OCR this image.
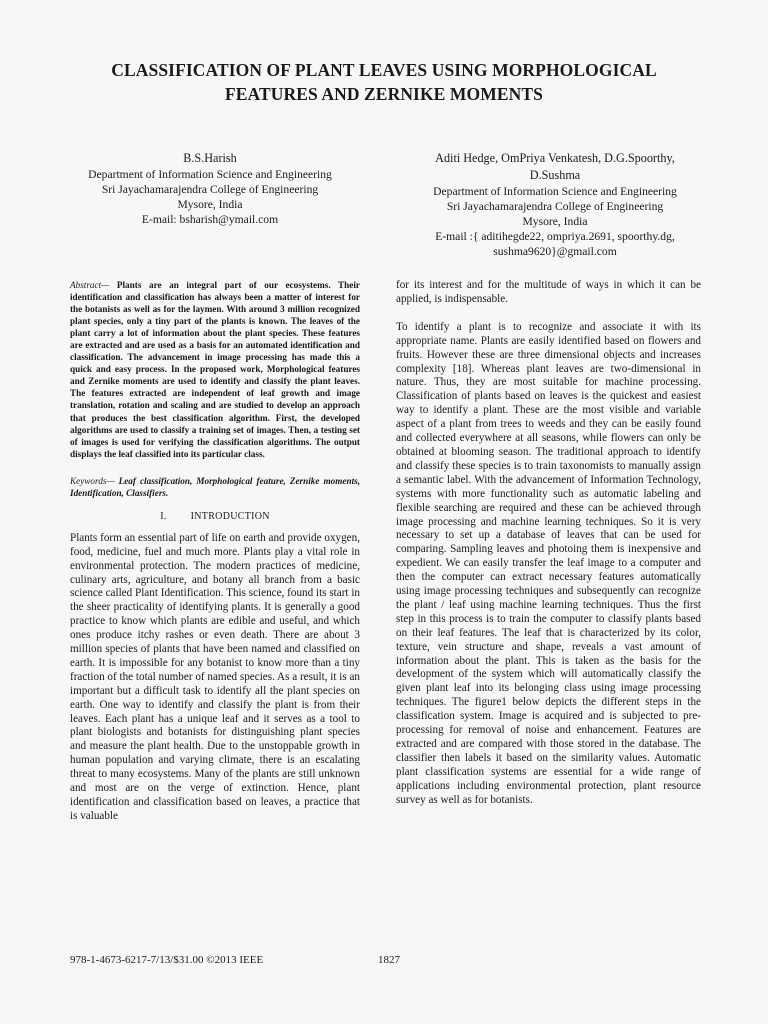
CLASSIFICATION OF PLANT LEAVES USING MORPHOLOGICAL
FEATURES AND ZERNIKE MOMENTS
B.S.Harish
Department of Information Science and Engineering
Sri Jayachamarajendra College of Engineering
Mysore, India
E-mail: bsharish@ymail.com
Aditi Hedge, OmPriya Venkatesh, D.G.Spoorthy,
D.Sushma
Department of Information Science and Engineering
Sri Jayachamarajendra College of Engineering
Mysore, India
E-mail :{ aditihegde22, ompriya.2691, spoorthy.dg,
sushma9620}@gmail.com
Abstract— Plants are an integral part of our ecosystems. Their identification and classification has always been a matter of interest for the botanists as well as for the laymen. With around 3 million recognized plant species, only a tiny part of the plants is known. The leaves of the plant carry a lot of information about the plant species. These features are extracted and are used as a basis for an automated identification and classification. The advancement in image processing has made this a quick and easy process. In the proposed work, Morphological features and Zernike moments are used to identify and classify the plant leaves. The features extracted are independent of leaf growth and image translation, rotation and scaling and are studied to develop an approach that produces the best classification algorithm. First, the developed algorithms are used to classify a training set of images. Then, a testing set of images is used for verifying the classification algorithms. The output displays the leaf classified into its particular class.
Keywords— Leaf classification, Morphological feature, Zernike moments, Identification, Classifiers.
I. INTRODUCTION

Plants form an essential part of life on earth and provide oxygen, food, medicine, fuel and much more. Plants play a vital role in environmental protection. The modern practices of medicine, culinary arts, agriculture, and botany all branch from a basic science called Plant Identification. This science, found its start in the sheer practicality of identifying plants. It is generally a good practice to know which plants are edible and useful, and which ones produce itchy rashes or even death. There are about 3 million species of plants that have been named and classified on earth. It is impossible for any botanist to know more than a tiny fraction of the total number of named species. As a result, it is an important but a difficult task to identify all the plant species on earth. One way to identify and classify the plant is from their leaves. Each plant has a unique leaf and it serves as a tool to plant biologists and botanists for distinguishing plant species and measure the plant health. Due to the unstoppable growth in human population and varying climate, there is an escalating threat to many ecosystems. Many of the plants are still unknown and most are on the verge of extinction. Hence, plant identification and classification based on leaves, a practice that is valuable

for its interest and for the multitude of ways in which it can be applied, is indispensable.

To identify a plant is to recognize and associate it with its appropriate name. Plants are easily identified based on flowers and fruits. However these are three dimensional objects and increases complexity [18]. Whereas plant leaves are two-dimensional in nature. Thus, they are most suitable for machine processing. Classification of plants based on leaves is the quickest and easiest way to identify a plant. These are the most visible and variable aspect of a plant from trees to weeds and they can be easily found and collected everywhere at all seasons, while flowers can only be obtained at blooming season. The traditional approach to identify and classify these species is to train taxonomists to manually assign a semantic label. With the advancement of Information Technology, systems with more functionality such as automatic labeling and flexible searching are required and these can be achieved through image processing and machine learning techniques. So it is very necessary to set up a database of leaves that can be used for comparing. Sampling leaves and photoing them is inexpensive and expedient. We can easily transfer the leaf image to a computer and then the computer can extract necessary features automatically using image processing techniques and subsequently can recognize the plant / leaf using machine learning techniques. Thus the first step in this process is to train the computer to classify plants based on their leaf features. The leaf that is characterized by its color, texture, vein structure and shape, reveals a vast amount of information about the plant. This is taken as the basis for the development of the system which will automatically classify the given plant leaf into its belonging class using image processing techniques. The figure1 below depicts the different steps in the classification system. Image is acquired and is subjected to pre-processing for removal of noise and enhancement. Features are extracted and are compared with those stored in the database. The classifier then labels it based on the similarity values. Automatic plant classification systems are essential for a wide range of applications including environmental protection, plant resource survey as well as for botanists.

978-1-4673-6217-7/13/$31.00 ©2013 IEEE	1827
